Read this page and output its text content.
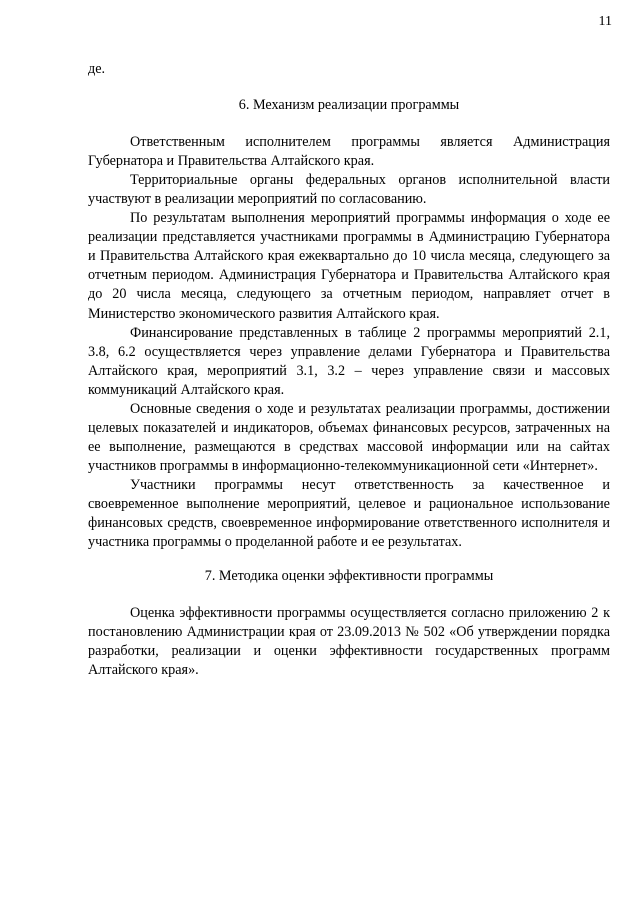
11

де.

6. Механизм реализации программы

Ответственным исполнителем программы является Администрация Губернатора и Правительства Алтайского края.

Территориальные органы федеральных органов исполнительной власти участвуют в реализации мероприятий по согласованию.

По результатам выполнения мероприятий программы информация о ходе ее реализации представляется участниками программы в Администрацию Губернатора и Правительства Алтайского края ежеквартально до 10 числа месяца, следующего за отчетным периодом. Администрация Губернатора и Правительства Алтайского края до 20 числа месяца, следующего за отчетным периодом, направляет отчет в Министерство экономического развития Алтайского края.

Финансирование представленных в таблице 2 программы мероприятий 2.1, 3.8, 6.2 осуществляется через управление делами Губернатора и Правительства Алтайского края, мероприятий 3.1, 3.2 – через управление связи и массовых коммуникаций Алтайского края.

Основные сведения о ходе и результатах реализации программы, достижении целевых показателей и индикаторов, объемах финансовых ресурсов, затраченных на ее выполнение, размещаются в средствах массовой информации или на сайтах участников программы в информационно-телекоммуникационной сети «Интернет».

Участники программы несут ответственность за качественное и своевременное выполнение мероприятий, целевое и рациональное использование финансовых средств, своевременное информирование ответственного исполнителя и участника программы о проделанной работе и ее результатах.

7. Методика оценки эффективности программы

Оценка эффективности программы осуществляется согласно приложению 2 к постановлению Администрации края от 23.09.2013 № 502 «Об утверждении порядка разработки, реализации и оценки эффективности государственных программ Алтайского края».
